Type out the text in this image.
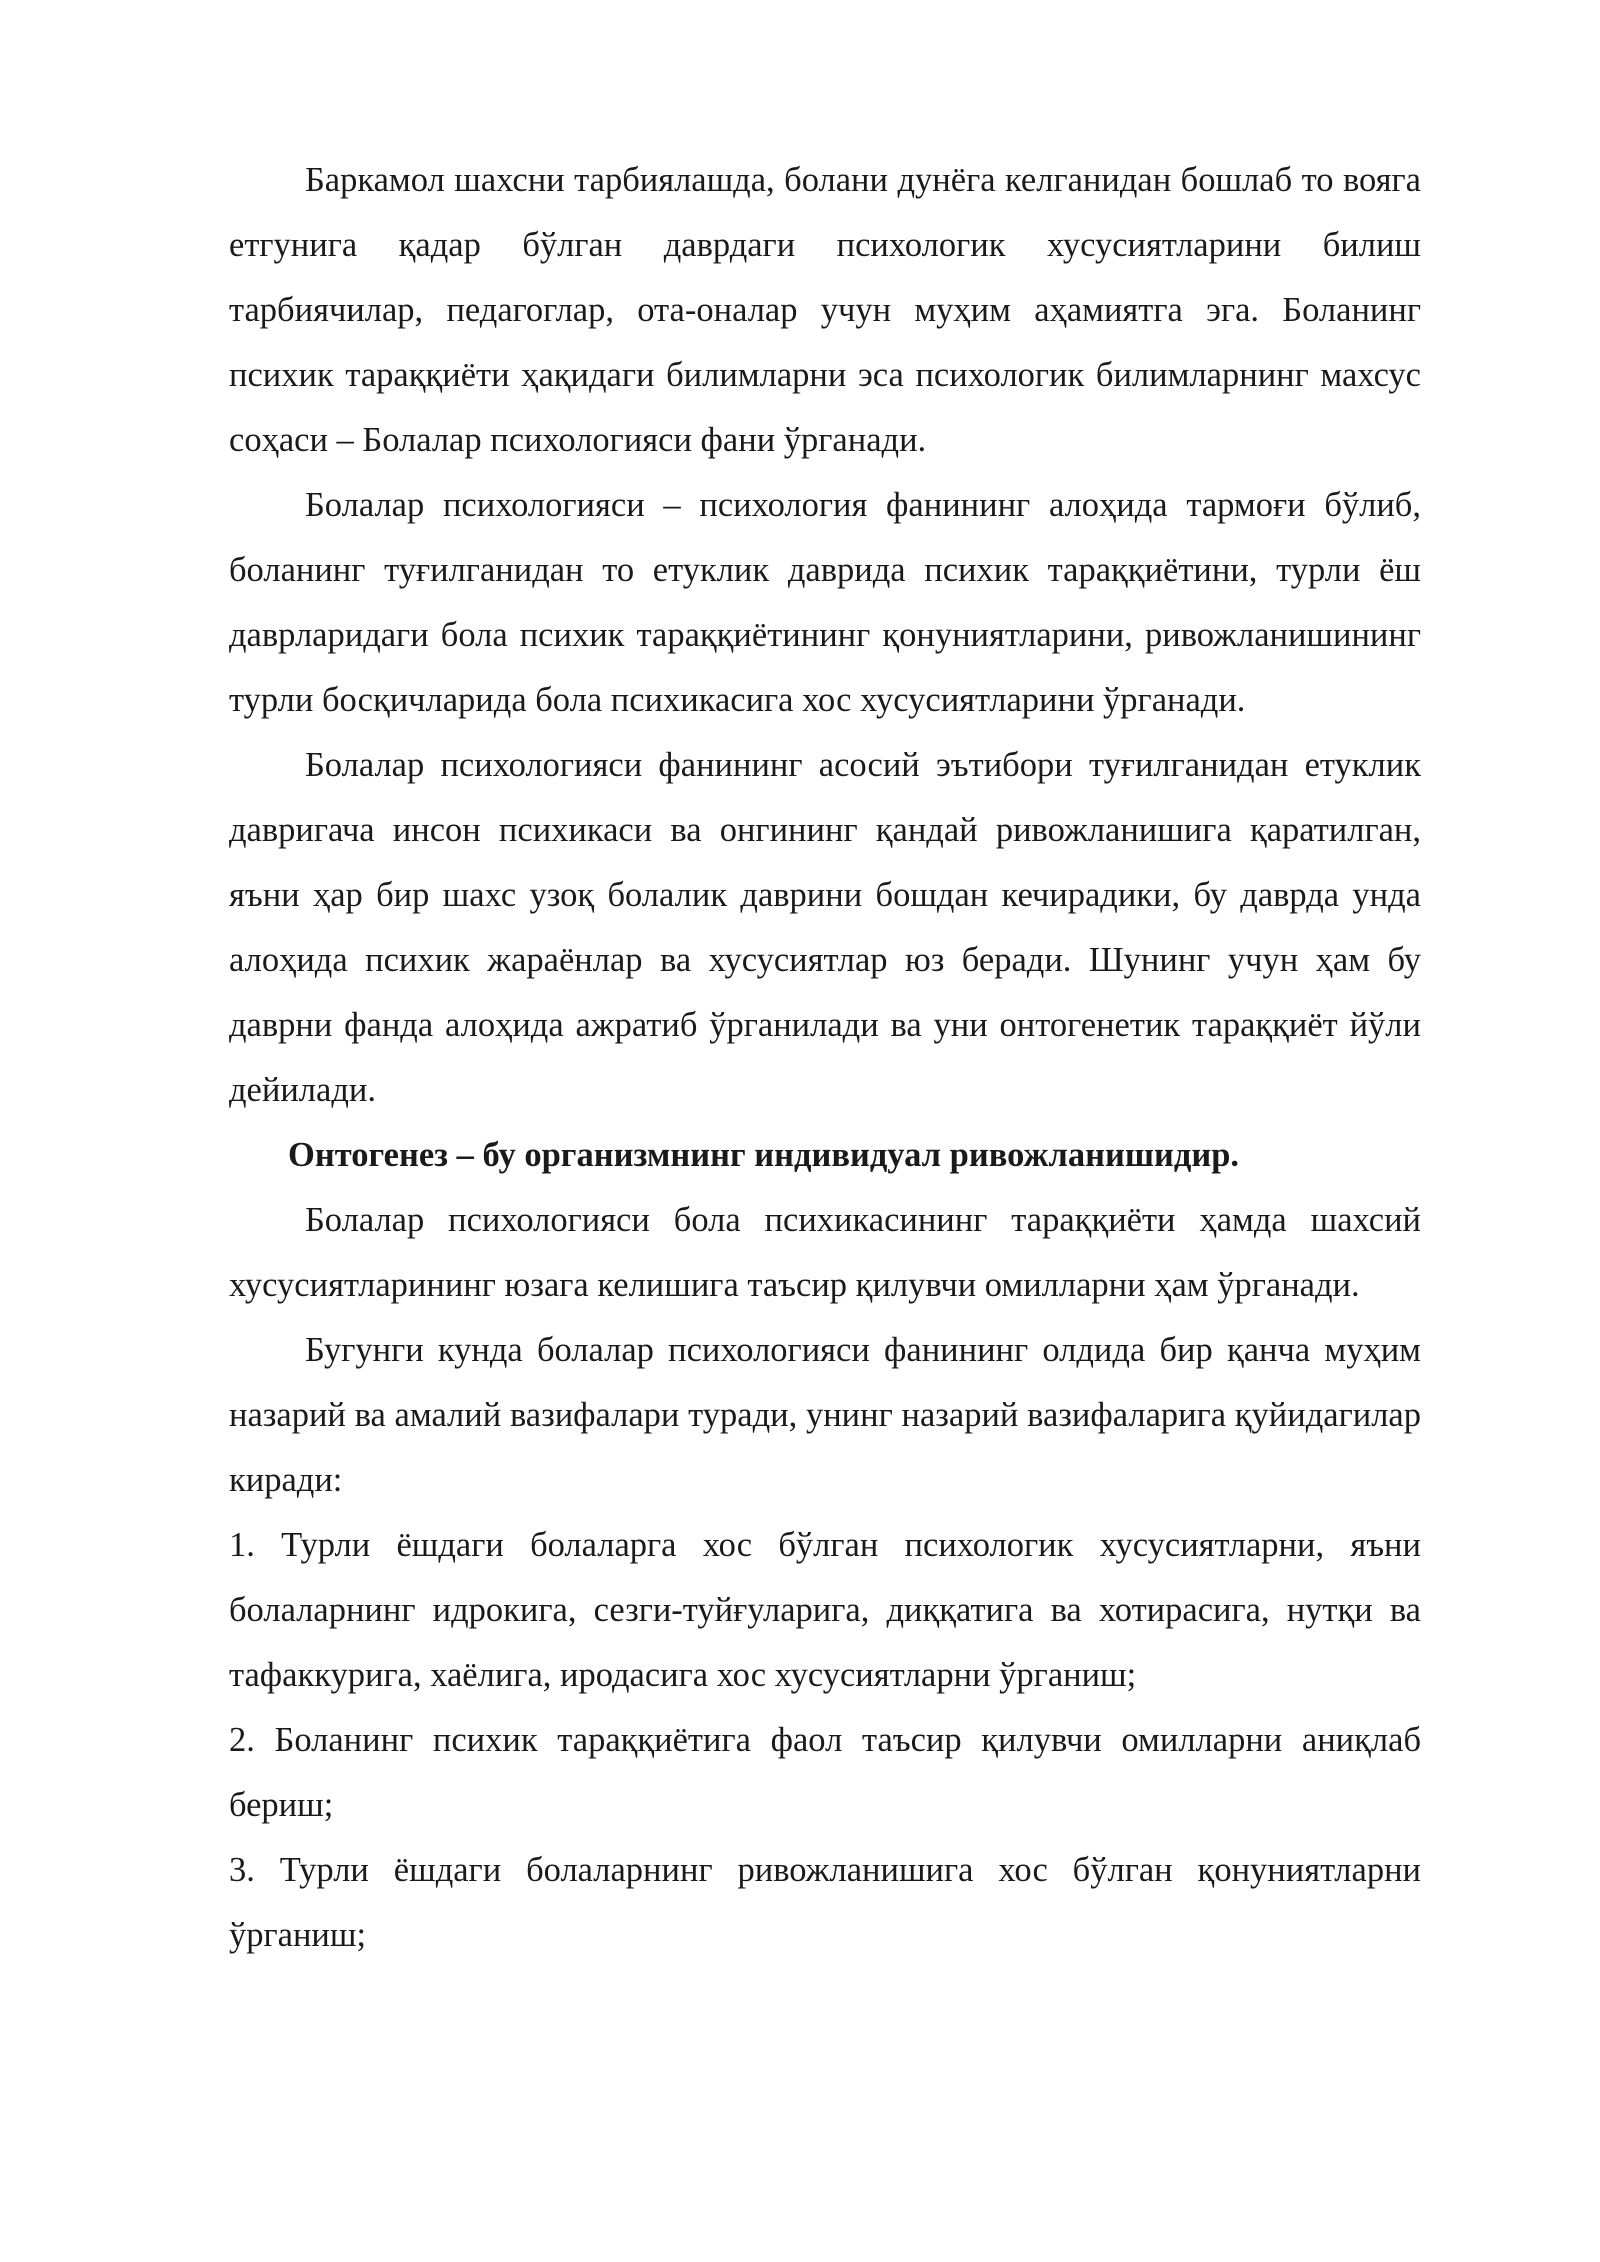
Баркамол шахсни тарбиялашда, болани дунёга келганидан бошлаб то вояга етгунига қадар бўлган даврдаги психологик хусусиятларини билиш тарбиячилар, педагоглар, ота-оналар учун муҳим аҳамиятга эга. Боланинг психик тараққиёти ҳақидаги билимларни эса психологик билимларнинг махсус соҳаси – Болалар психологияси фани ўрганади.

Болалар психологияси – психология фанининг алоҳида тармоғи бўлиб, боланинг туғилганидан то етуклик даврида психик тараққиётини, турли ёш даврларидаги бола психик тараққиётининг қонуниятларини, ривожланишининг турли босқичларида бола психикасига хос хусусиятларини ўрганади.

Болалар психологияси фанининг асосий эътибори туғилганидан етуклик давригача инсон психикаси ва онгининг қандай ривожланишига қаратилган, яъни ҳар бир шахс узоқ болалик даврини бошдан кечирадики, бу даврда унда алоҳида психик жараёнлар ва хусусиятлар юз беради. Шунинг учун ҳам бу даврни фанда алоҳида ажратиб ўрганилади ва уни онтогенетик тараққиёт йўли дейилади.

Онтогенез – бу организмнинг индивидуал ривожланишидир.

Болалар психологияси бола психикасининг тараққиёти ҳамда шахсий хусусиятларининг юзага келишига таъсир қилувчи омилларни ҳам ўрганади.

Бугунги кунда болалар психологияси фанининг олдида бир қанча муҳим назарий ва амалий вазифалари туради, унинг назарий вазифаларига қуйидагилар киради:

1. Турли ёшдаги болаларга хос бўлган психологик хусусиятларни, яъни болаларнинг идрокига, сезги-туйғуларига, диққатига ва хотирасига, нутқи ва тафаккурига, хаёлига, иродасига хос хусусиятларни ўрганиш;

2. Боланинг психик тараққиётига фаол таъсир қилувчи омилларни аниқлаб бериш;

3. Турли ёшдаги болаларнинг ривожланишига хос бўлган қонуниятларни ўрганиш;
